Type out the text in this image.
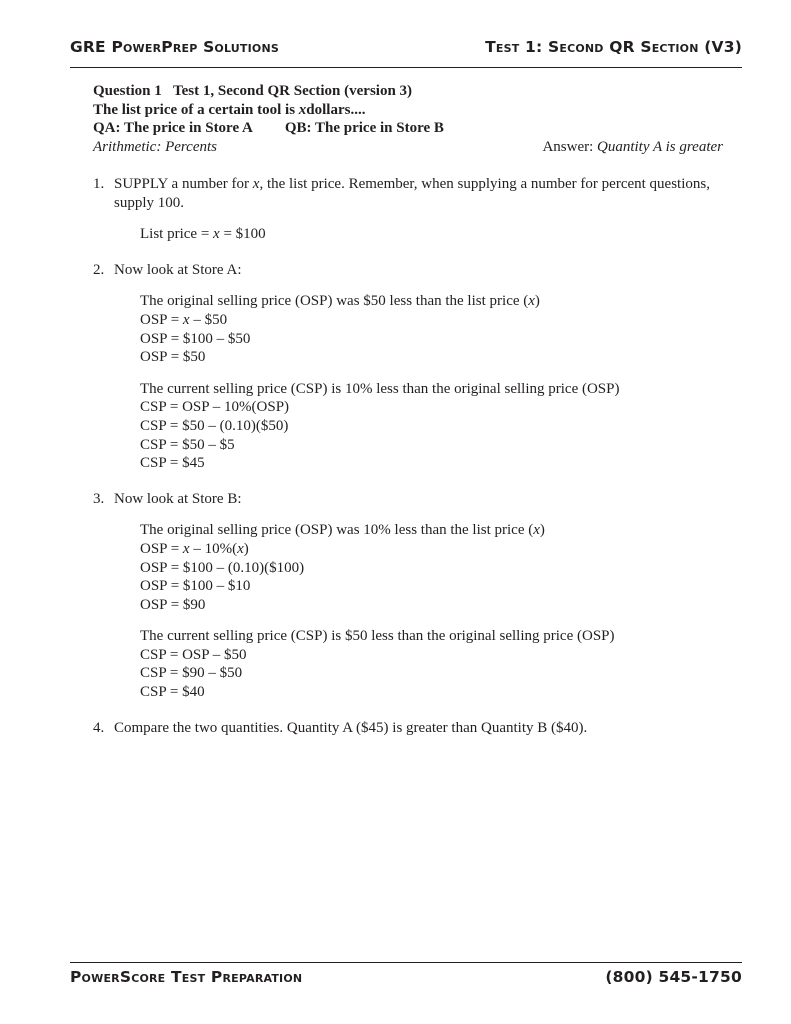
GRE PowerPrep Solutions	Test 1: Second QR Section (V3)
Question 1
Test 1, Second QR Section (version 3)
The list price of a certain tool is
x dollars....
QA: The price in Store A QB: The price in Store B
Arithmetic: Percents	Answer: Quantity A is greater
1. SUPPLY a number for x, the list price. Remember, when supplying a number for percent questions, supply 100.
List price = x = $100
2. Now look at Store A:
The original selling price (OSP) was $50 less than the list price (x)
OSP = x – $50
OSP = $100 – $50
OSP = $50
The current selling price (CSP) is 10% less than the original selling price (OSP)
CSP = OSP – 10%(OSP)
CSP = $50 – (0.10)($50)
CSP = $50 – $5
CSP = $45
3. Now look at Store B:
The original selling price (OSP) was 10% less than the list price (x)
OSP = x – 10%(x)
OSP = $100 – (0.10)($100)
OSP = $100 – $10
OSP = $90
The current selling price (CSP) is $50 less than the original selling price (OSP)
CSP = OSP – $50
CSP = $90 – $50
CSP = $40
4. Compare the two quantities. Quantity A ($45) is greater than Quantity B ($40).
PowerScore Test Preparation	(800) 545-1750
